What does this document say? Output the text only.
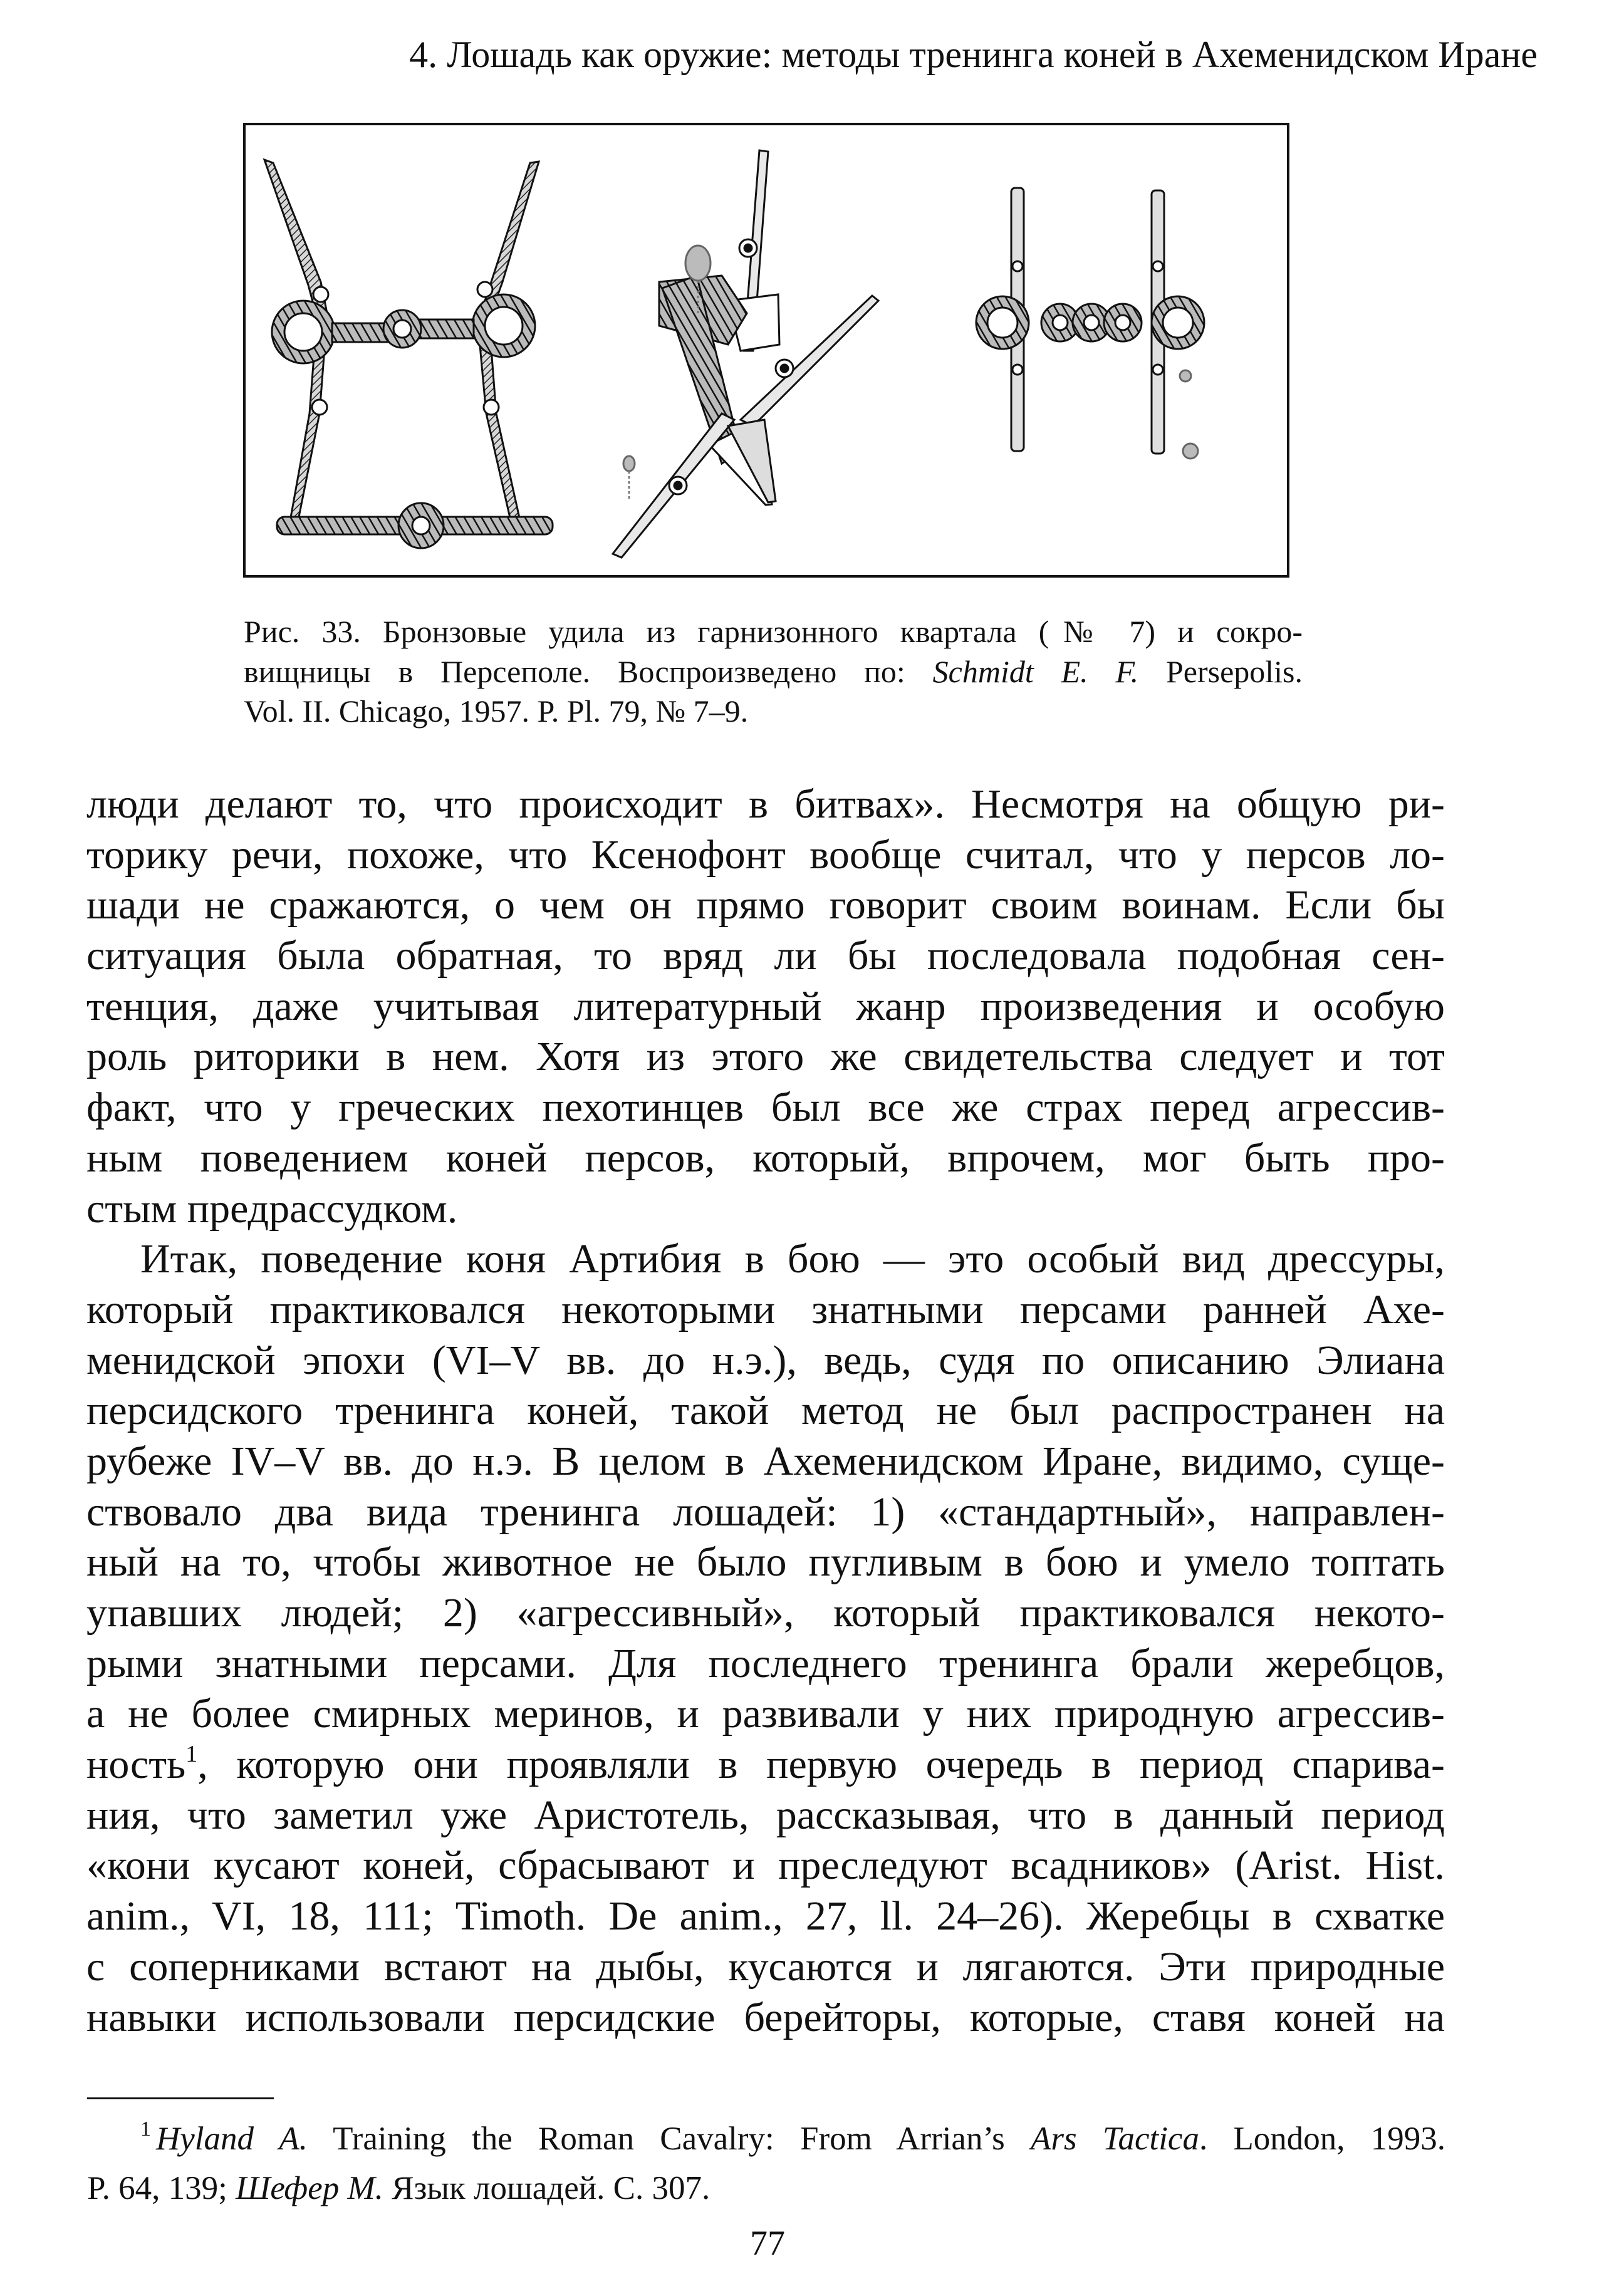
4. Лошадь как оружие: методы тренинга коней в Ахеменидском Иране
Рис. 33. Бронзовые удила из гарнизонного квартала (№ 7) и сокро-
вищницы в Персеполе. Воспроизведено по: Schmidt E. F. Persepolis.
Vol. II. Chicago, 1957. P. Pl. 79, № 7–9.
люди делают то, что происходит в битвах». Несмотря на общую ри-
торику речи, похоже, что Ксенофонт вообще считал, что у персов ло-
шади не сражаются, о чем он прямо говорит своим воинам. Если бы
ситуация была обратная, то вряд ли бы последовала подобная сен-
тенция, даже учитывая литературный жанр произведения и особую
роль риторики в нем. Хотя из этого же свидетельства следует и тот
факт, что у греческих пехотинцев был все же страх перед агрессив-
ным поведением коней персов, который, впрочем, мог быть про-
стым предрассудком.
Итак, поведение коня Артибия в бою — это особый вид дрессуры,
который практиковался некоторыми знатными персами ранней Ахе-
менидской эпохи (VI–V вв. до н.э.), ведь, судя по описанию Элиана
персидского тренинга коней, такой метод не был распространен на
рубеже IV–V вв. до н.э. В целом в Ахеменидском Иране, видимо, суще-
ствовало два вида тренинга лошадей: 1) «стандартный», направлен-
ный на то, чтобы животное не было пугливым в бою и умело топтать
упавших людей; 2) «агрессивный», который практиковался некото-
рыми знатными персами. Для последнего тренинга брали жеребцов,
а не более смирных меринов, и развивали у них природную агрессив-
ность$^1$, которую они проявляли в первую очередь в период спарива-
ния, что заметил уже Аристотель, рассказывая, что в данный период
«кони кусают коней, сбрасывают и преследуют всадников» (Arist. Hist.
anim., VI, 18, 111; Timoth. De anim., 27, ll. 24–26). Жеребцы в схватке
с соперниками встают на дыбы, кусаются и лягаются. Эти природные
навыки использовали персидские берейторы, которые, ставя коней на
$^1$ Hyland A. Training the Roman Cavalry: From Arrian’s Ars Tactica. London, 1993.
P. 64, 139; Шефер М. Язык лошадей. С. 307.
77
